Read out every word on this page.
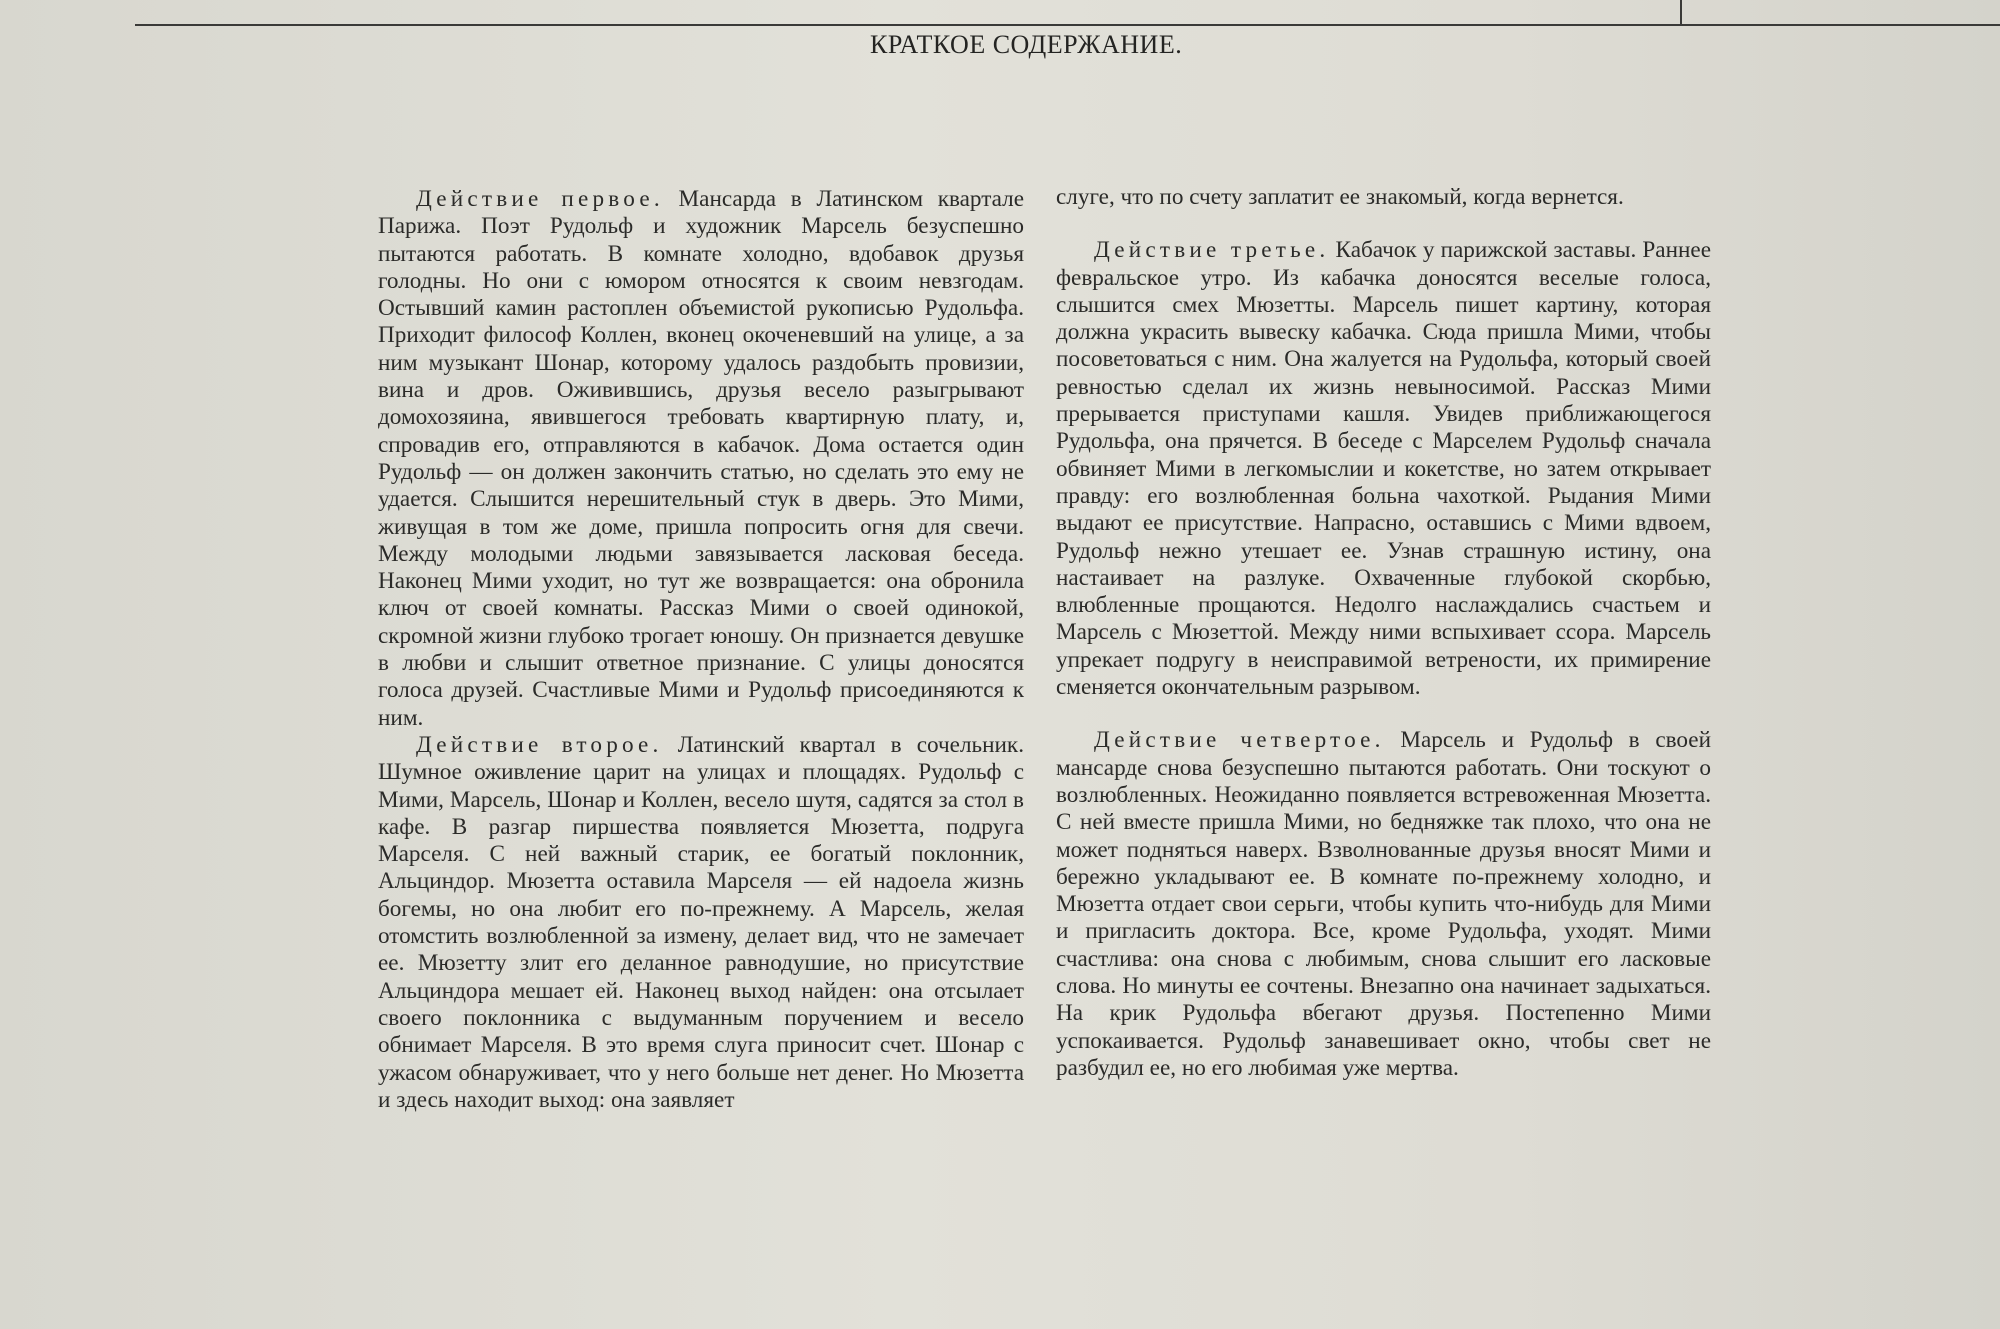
КРАТКОЕ СОДЕРЖАНИЕ.

Действие первое. Мансарда в Латинском квартале Парижа. Поэт Рудольф и художник Марсель безуспешно пытаются работать. В комнате холодно, вдобавок друзья голодны. Но они с юмором относятся к своим невзгодам. Остывший камин растоплен объемистой рукописью Рудольфа. Приходит философ Коллен, вконец окоченевший на улице, а за ним музыкант Шонар, которому удалось раздобыть провизии, вина и дров. Оживившись, друзья весело разыгрывают домохозяина, явившегося требовать квартирную плату, и, спровадив его, отправляются в кабачок. Дома остается один Рудольф — он должен закончить статью, но сделать это ему не удается. Слышится нерешительный стук в дверь. Это Мими, живущая в том же доме, пришла попросить огня для свечи. Между молодыми людьми завязывается ласковая беседа. Наконец Мими уходит, но тут же возвращается: она обронила ключ от своей комнаты. Рассказ Мими о своей одинокой, скромной жизни глубоко трогает юношу. Он признается девушке в любви и слышит ответное признание. С улицы доносятся голоса друзей. Счастливые Мими и Рудольф присоединяются к ним.

Действие второе. Латинский квартал в сочельник. Шумное оживление царит на улицах и площадях. Рудольф с Мими, Марсель, Шонар и Коллен, весело шутя, садятся за стол в кафе. В разгар пиршества появляется Мюзетта, подруга Марселя. С ней важный старик, ее богатый поклонник, Альциндор. Мюзетта оставила Марселя — ей надоела жизнь богемы, но она любит его по-прежнему. А Марсель, желая отомстить возлюбленной за измену, делает вид, что не замечает ее. Мюзетту злит его деланное равнодушие, но присутствие Альциндора мешает ей. Наконец выход найден: она отсылает своего поклонника с выдуманным поручением и весело обнимает Марселя. В это время слуга приносит счет. Шонар с ужасом обнаруживает, что у него больше нет денег. Но Мюзетта и здесь находит выход: она заявляет

слуге, что по счету заплатит ее знакомый, когда вернется.

Действие третье. Кабачок у парижской заставы. Раннее февральское утро. Из кабачка доносятся веселые голоса, слышится смех Мюзетты. Марсель пишет картину, которая должна украсить вывеску кабачка. Сюда пришла Мими, чтобы посоветоваться с ним. Она жалуется на Рудольфа, который своей ревностью сделал их жизнь невыносимой. Рассказ Мими прерывается приступами кашля. Увидев приближающегося Рудольфа, она прячется. В беседе с Марселем Рудольф сначала обвиняет Мими в легкомыслии и кокетстве, но затем открывает правду: его возлюбленная больна чахоткой. Рыдания Мими выдают ее присутствие. Напрасно, оставшись с Мими вдвоем, Рудольф нежно утешает ее. Узнав страшную истину, она настаивает на разлуке. Охваченные глубокой скорбью, влюбленные прощаются. Недолго наслаждались счастьем и Марсель с Мюзеттой. Между ними вспыхивает ссора. Марсель упрекает подругу в неисправимой ветрености, их примирение сменяется окончательным разрывом.

Действие четвертое. Марсель и Рудольф в своей мансарде снова безуспешно пытаются работать. Они тоскуют о возлюбленных. Неожиданно появляется встревоженная Мюзетта. С ней вместе пришла Мими, но бедняжке так плохо, что она не может подняться наверх. Взволнованные друзья вносят Мими и бережно укладывают ее. В комнате по-прежнему холодно, и Мюзетта отдает свои серьги, чтобы купить что-нибудь для Мими и пригласить доктора. Все, кроме Рудольфа, уходят. Мими счастлива: она снова с любимым, снова слышит его ласковые слова. Но минуты ее сочтены. Внезапно она начинает задыхаться. На крик Рудольфа вбегают друзья. Постепенно Мими успокаивается. Рудольф занавешивает окно, чтобы свет не разбудил ее, но его любимая уже мертва.
